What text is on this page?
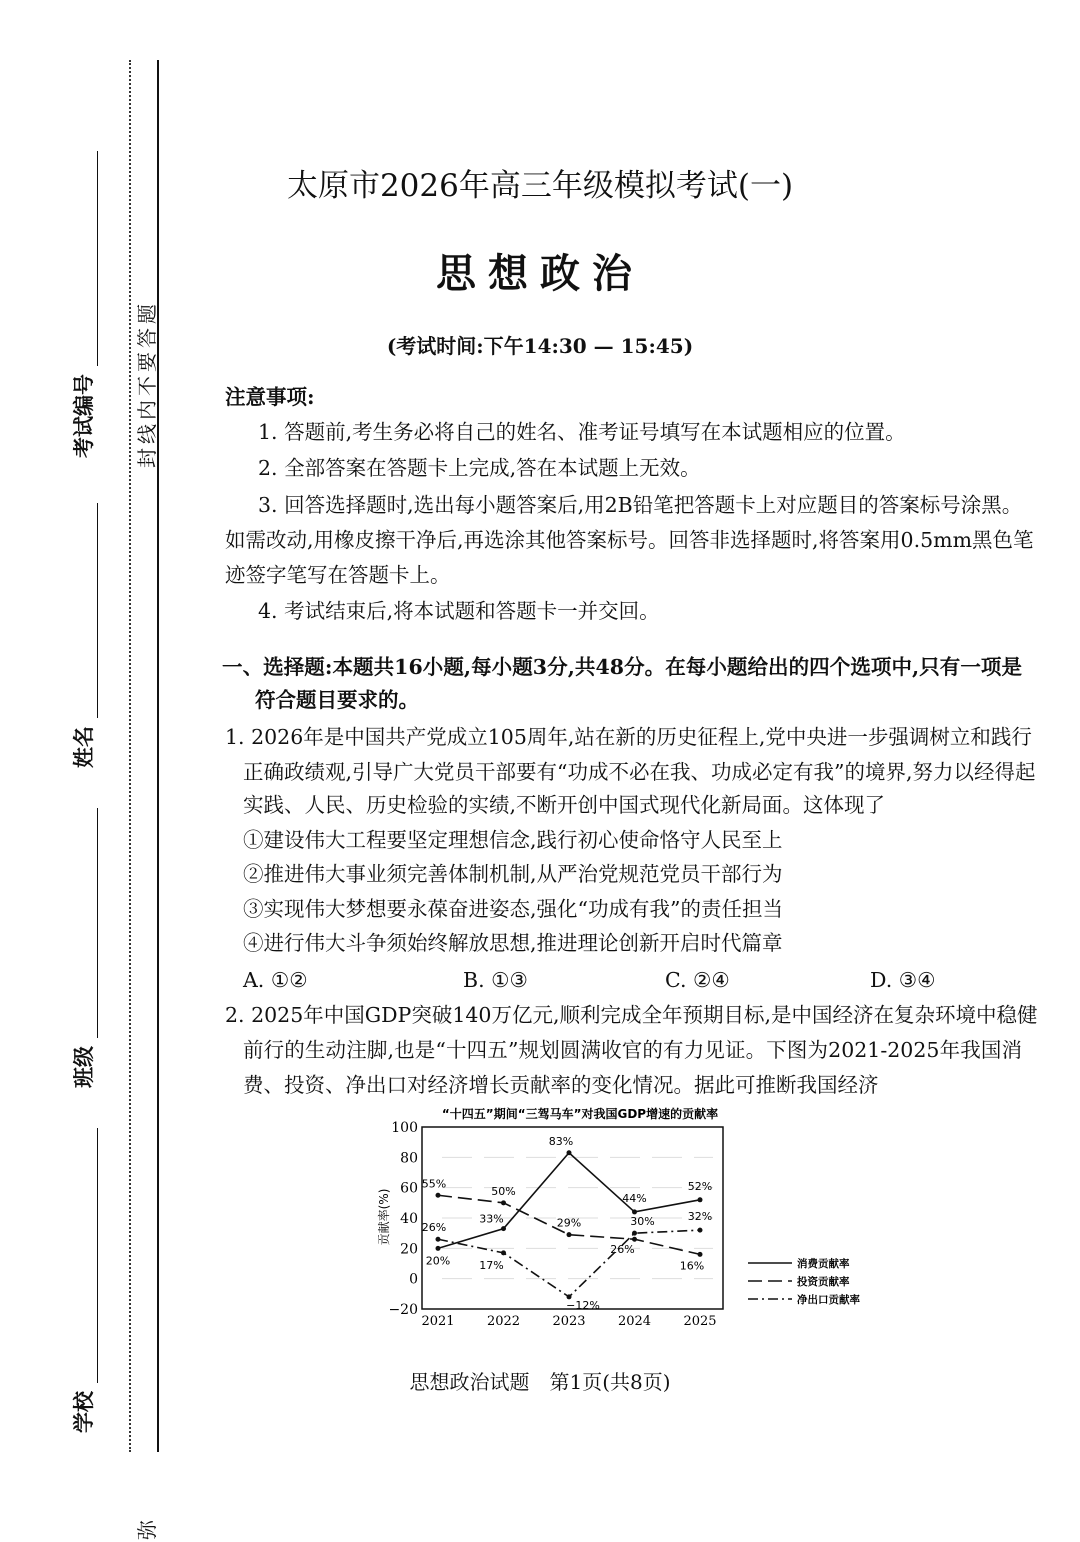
学校
班级
姓名
考试编号
弥
封
线
内
不
要
答
题
太原市2026年高三年级模拟考试(一)
思想政治
(考试时间:下午14:30 — 15:45)
注意事项:
1. 答题前,考生务必将自己的姓名、准考证号填写在本试题相应的位置。
2. 全部答案在答题卡上完成,答在本试题上无效。
3. 回答选择题时,选出每小题答案后,用2B铅笔把答题卡上对应题目的答案标号涂黑。
如需改动,用橡皮擦干净后,再选涂其他答案标号。回答非选择题时,将答案用0.5mm黑色笔
迹签字笔写在答题卡上。
4. 考试结束后,将本试题和答题卡一并交回。
一、选择题:本题共16小题,每小题3分,共48分。在每小题给出的四个选项中,只有一项是
符合题目要求的。
1. 2026年是中国共产党成立105周年,站在新的历史征程上,党中央进一步强调树立和践行
正确政绩观,引导广大党员干部要有“功成不必在我、功成必定有我”的境界,努力以经得起
实践、人民、历史检验的实绩,不断开创中国式现代化新局面。这体现了
①建设伟大工程要坚定理想信念,践行初心使命恪守人民至上
②推进伟大事业须完善体制机制,从严治党规范党员干部行为
③实现伟大梦想要永葆奋进姿态,强化“功成有我”的责任担当
④进行伟大斗争须始终解放思想,推进理论创新开启时代篇章
A. ①②	B. ①③	C. ②④	D. ③④
2. 2025年中国GDP突破140万亿元,顺利完成全年预期目标,是中国经济在复杂环境中稳健
前行的生动注脚,也是“十四五”规划圆满收官的有力见证。下图为2021-2025年我国消
费、投资、净出口对经济增长贡献率的变化情况。据此可推断我国经济
“十四五”期间“三驾马车”对我国GDP增速的贡献率
贡献率(%)
100
80
60
40
20
0
−20
2021 2022 2023 2024 2025
20%
33%
83%
44%
52%
消费贡献率
55%
50%
29%
26%
16%
投资贡献率
26%
17%
−12%
30%	32%
净出口贡献率
思想政治试题　第1页(共8页)
